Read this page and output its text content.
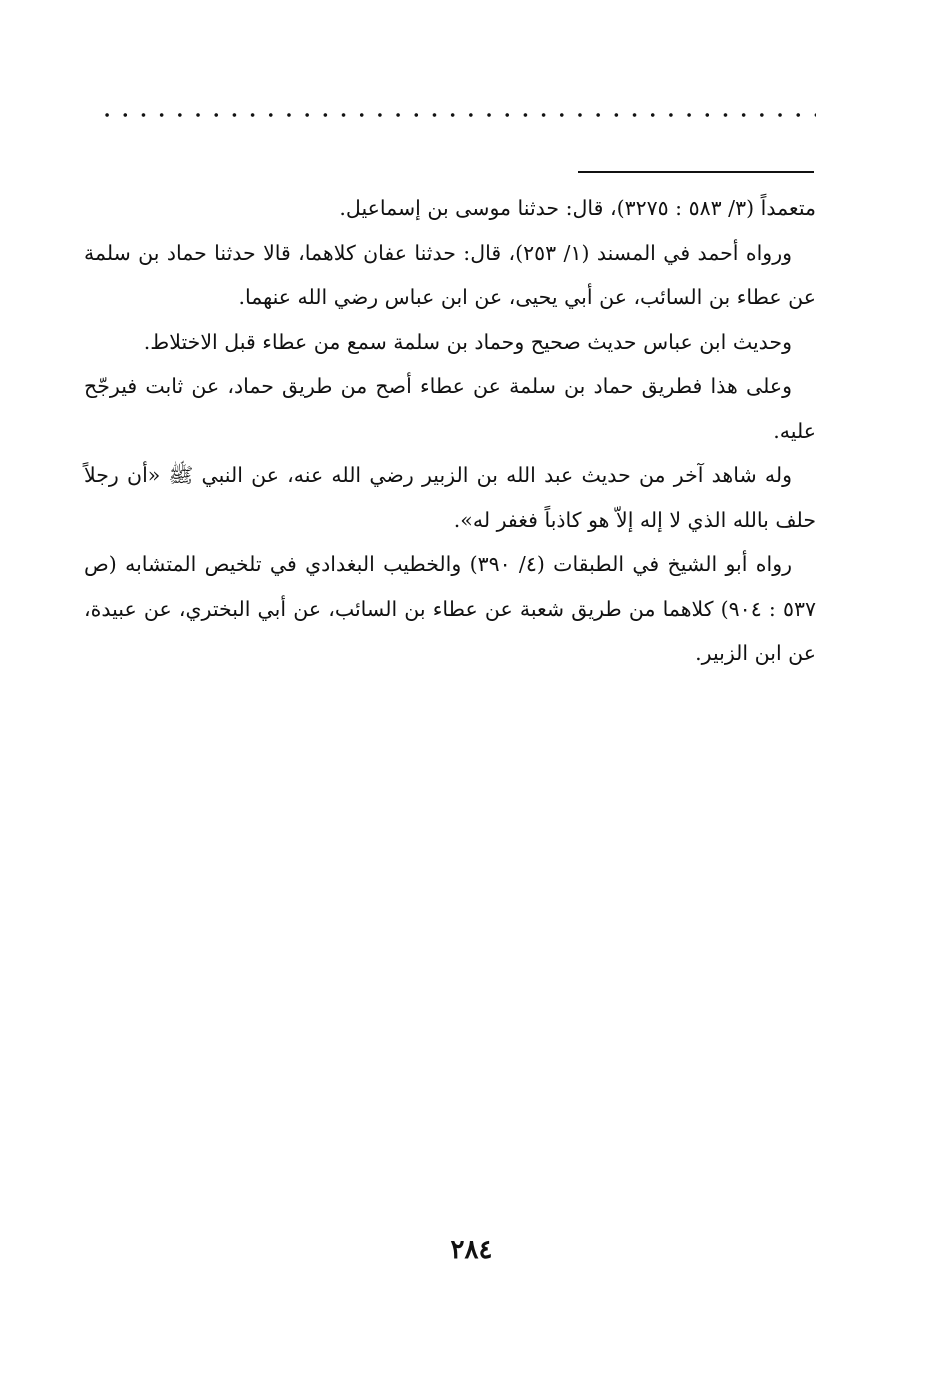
متعمداً (٣/ ٥٨٣ : ٣٢٧٥)، قال: حدثنا موسى بن إسماعيل.

ورواه أحمد في المسند (١/ ٢٥٣)، قال: حدثنا عفان كلاهما، قالا حدثنا حماد بن سلمة عن عطاء بن السائب، عن أبي يحيى، عن ابن عباس رضي الله عنهما.

وحديث ابن عباس حديث صحيح وحماد بن سلمة سمع من عطاء قبل الاختلاط.

وعلى هذا فطريق حماد بن سلمة عن عطاء أصح من طريق حماد، عن ثابت فيرجّح عليه.

وله شاهد آخر من حديث عبد الله بن الزبير رضي الله عنه، عن النبي ﷺ «أن رجلاً حلف بالله الذي لا إله إلاّ هو كاذباً فغفر له».

رواه أبو الشيخ في الطبقات (٤/ ٣٩٠) والخطيب البغدادي في تلخيص المتشابه (ص ٥٣٧ : ٩٠٤) كلاهما من طريق شعبة عن عطاء بن السائب، عن أبي البختري، عن عبيدة، عن ابن الزبير.

٢٨٤
